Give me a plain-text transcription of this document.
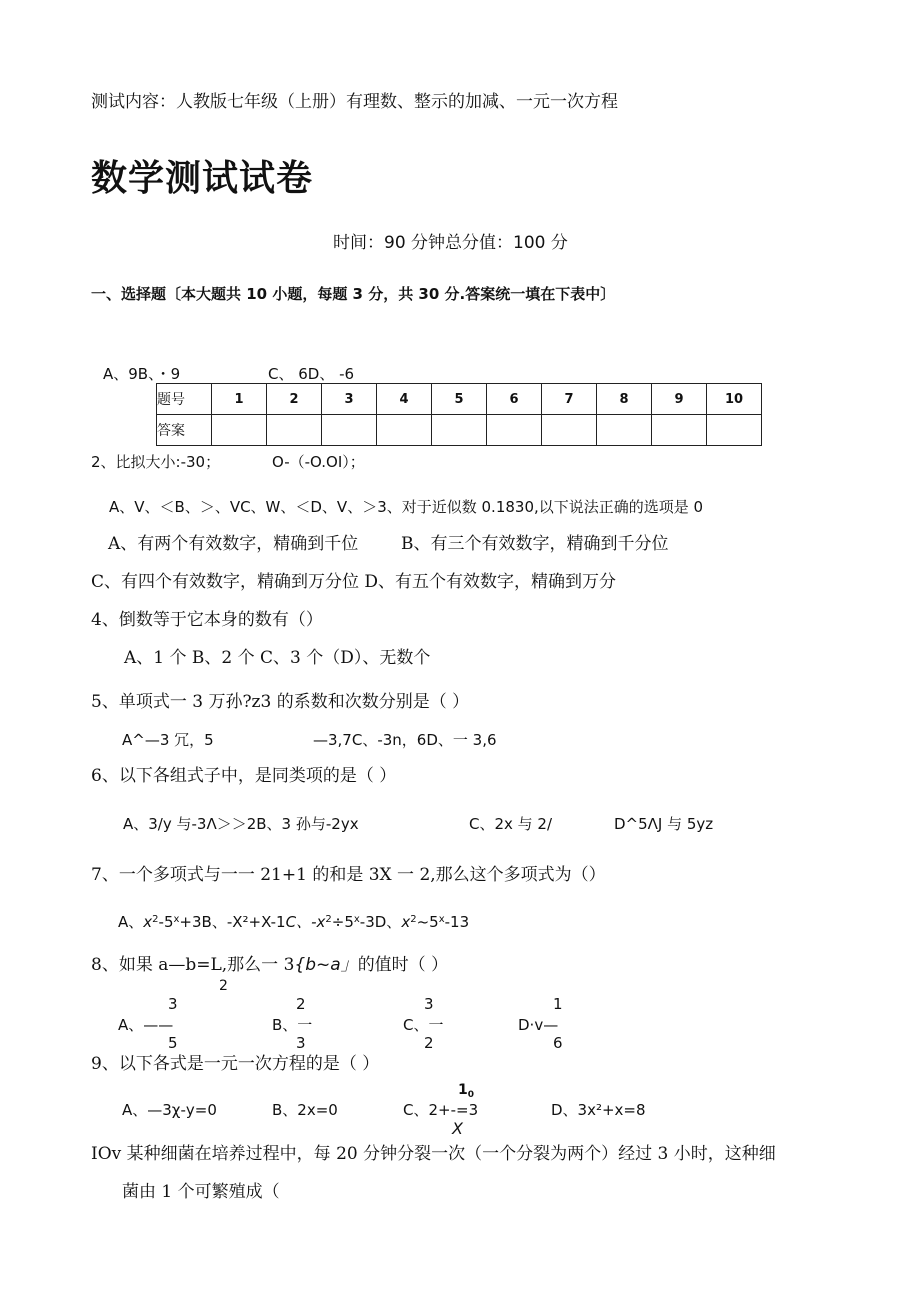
测试内容：人教版七年级（上册）有理数、整示的加减、一元一次方程
数学测试试卷
时间：90 分钟总分值：100 分
一、选择题〔本大题共 10 小题，每题 3 分，共 30 分.答案统一填在下表中〕
A、9B、・9	C、 6D、 -6
题号	1	2	3	4	5	6	7	8	9	10
答案										
2、比拟大小:-30；	O-（-O.OI）；
A、V、＜B、＞、VC、W、＜D、V、＞3、对于近似数 0.1830,以下说法正确的选项是 0
A、有两个有效数字，精确到千位	B、有三个有效数字，精确到千分位
C、有四个有效数字，精确到万分位 D、有五个有效数字，精确到万分
4、倒数等于它本身的数有（）
A、1 个 B、2 个 C、3 个（D）、无数个
5、单项式一 3 万孙?z3 的系数和次数分别是（ ）
A^—3 冗，5	—3,7C、-3n，6D、一 3,6
6、以下各组式子中，是同类项的是（ ）
A、3/y 与-3Λ＞＞2B、3 孙与-2yx	C、2x 与 2/	D^5ΛJ 与 5yz
7、一个多项式与一一 21+1 的和是 3X 一 2,那么这个多项式为（）
A、$x^2-5^x+3B$、-X²+X-1C、$-x^2\div 5^x-3D$、$x^2\sim 5^x-13$
8、如果 a—b=L,那么一 3{b~a」的值时（ ）
2
3
A、——
5
2
B、一
3
3
C、一
2
1
D·v—
6
9、以下各式是一元一次方程的是（ ）
$1_0$
A、—3χ-y=0	B、2x=0	C、2+-=3	D、3x²+x=8
X
IOv 某种细菌在培养过程中，每 20 分钟分裂一次（一个分裂为两个）经过 3 小时，这种细
菌由 1 个可繁殖成（
